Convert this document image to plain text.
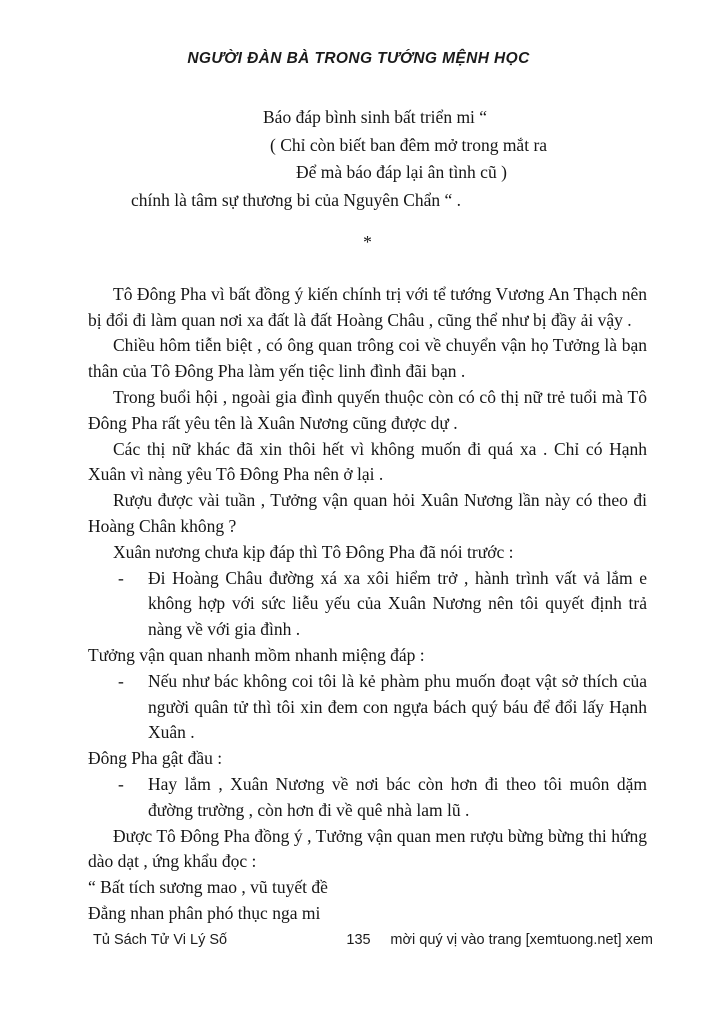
NGƯỜI ĐÀN BÀ TRONG TƯỚNG MỆNH HỌC
Báo đáp bình sinh bất triển mi “
( Chỉ còn biết ban đêm mở trong mắt ra
Để mà báo đáp lại ân tình cũ )
chính là tâm sự thương bi của Nguyên Chẩn “ .
*

Tô Đông Pha vì bất đồng ý kiến chính trị với tể tướng Vương An Thạch nên bị đổi đi làm quan nơi xa đất là đất Hoàng Châu , cũng thể như bị đầy ải vậy .

Chiều hôm tiễn biệt , có ông quan trông coi về chuyển vận họ Tưởng là bạn thân của Tô Đông Pha làm yến tiệc linh đình đãi bạn .

Trong buổi hội , ngoài gia đình quyến thuộc còn có cô thị nữ trẻ tuổi mà Tô Đông Pha rất yêu tên là Xuân Nương cũng được dự .

Các thị nữ khác đã xin thôi hết vì không muốn đi quá xa . Chỉ có Hạnh Xuân vì nàng yêu Tô Đông Pha nên ở lại .

Rượu được vài tuần , Tưởng vận quan hỏi Xuân Nương lần này có theo đi Hoàng Chân không ?

Xuân nương chưa kịp đáp thì Tô Đông Pha đã nói trước :

- Đi Hoàng Châu đường xá xa xôi hiểm trở , hành trình vất vả lắm e không hợp với sức liễu yếu của Xuân Nương nên tôi quyết định trả nàng về với gia đình .

Tưởng vận quan nhanh mồm nhanh miệng đáp :

- Nếu như bác không coi tôi là kẻ phàm phu muốn đoạt vật sở thích của người quân tử thì tôi xin đem con ngựa bách quý báu để đổi lấy Hạnh Xuân .

Đông Pha gật đầu :

- Hay lắm , Xuân Nương về nơi bác còn hơn đi theo tôi muôn dặm đường trường , còn hơn đi về quê nhà lam lũ .

Được Tô Đông Pha đồng ý , Tưởng vận quan men rượu bừng bừng thi hứng dào dạt , ứng khẩu đọc :

“ Bất tích sương mao , vũ tuyết đề

Đẳng nhan phân phó thục nga mi

Tủ Sách Tử Vi Lý Số	135	mời quý vị vào trang [xemtuong.net] xem
